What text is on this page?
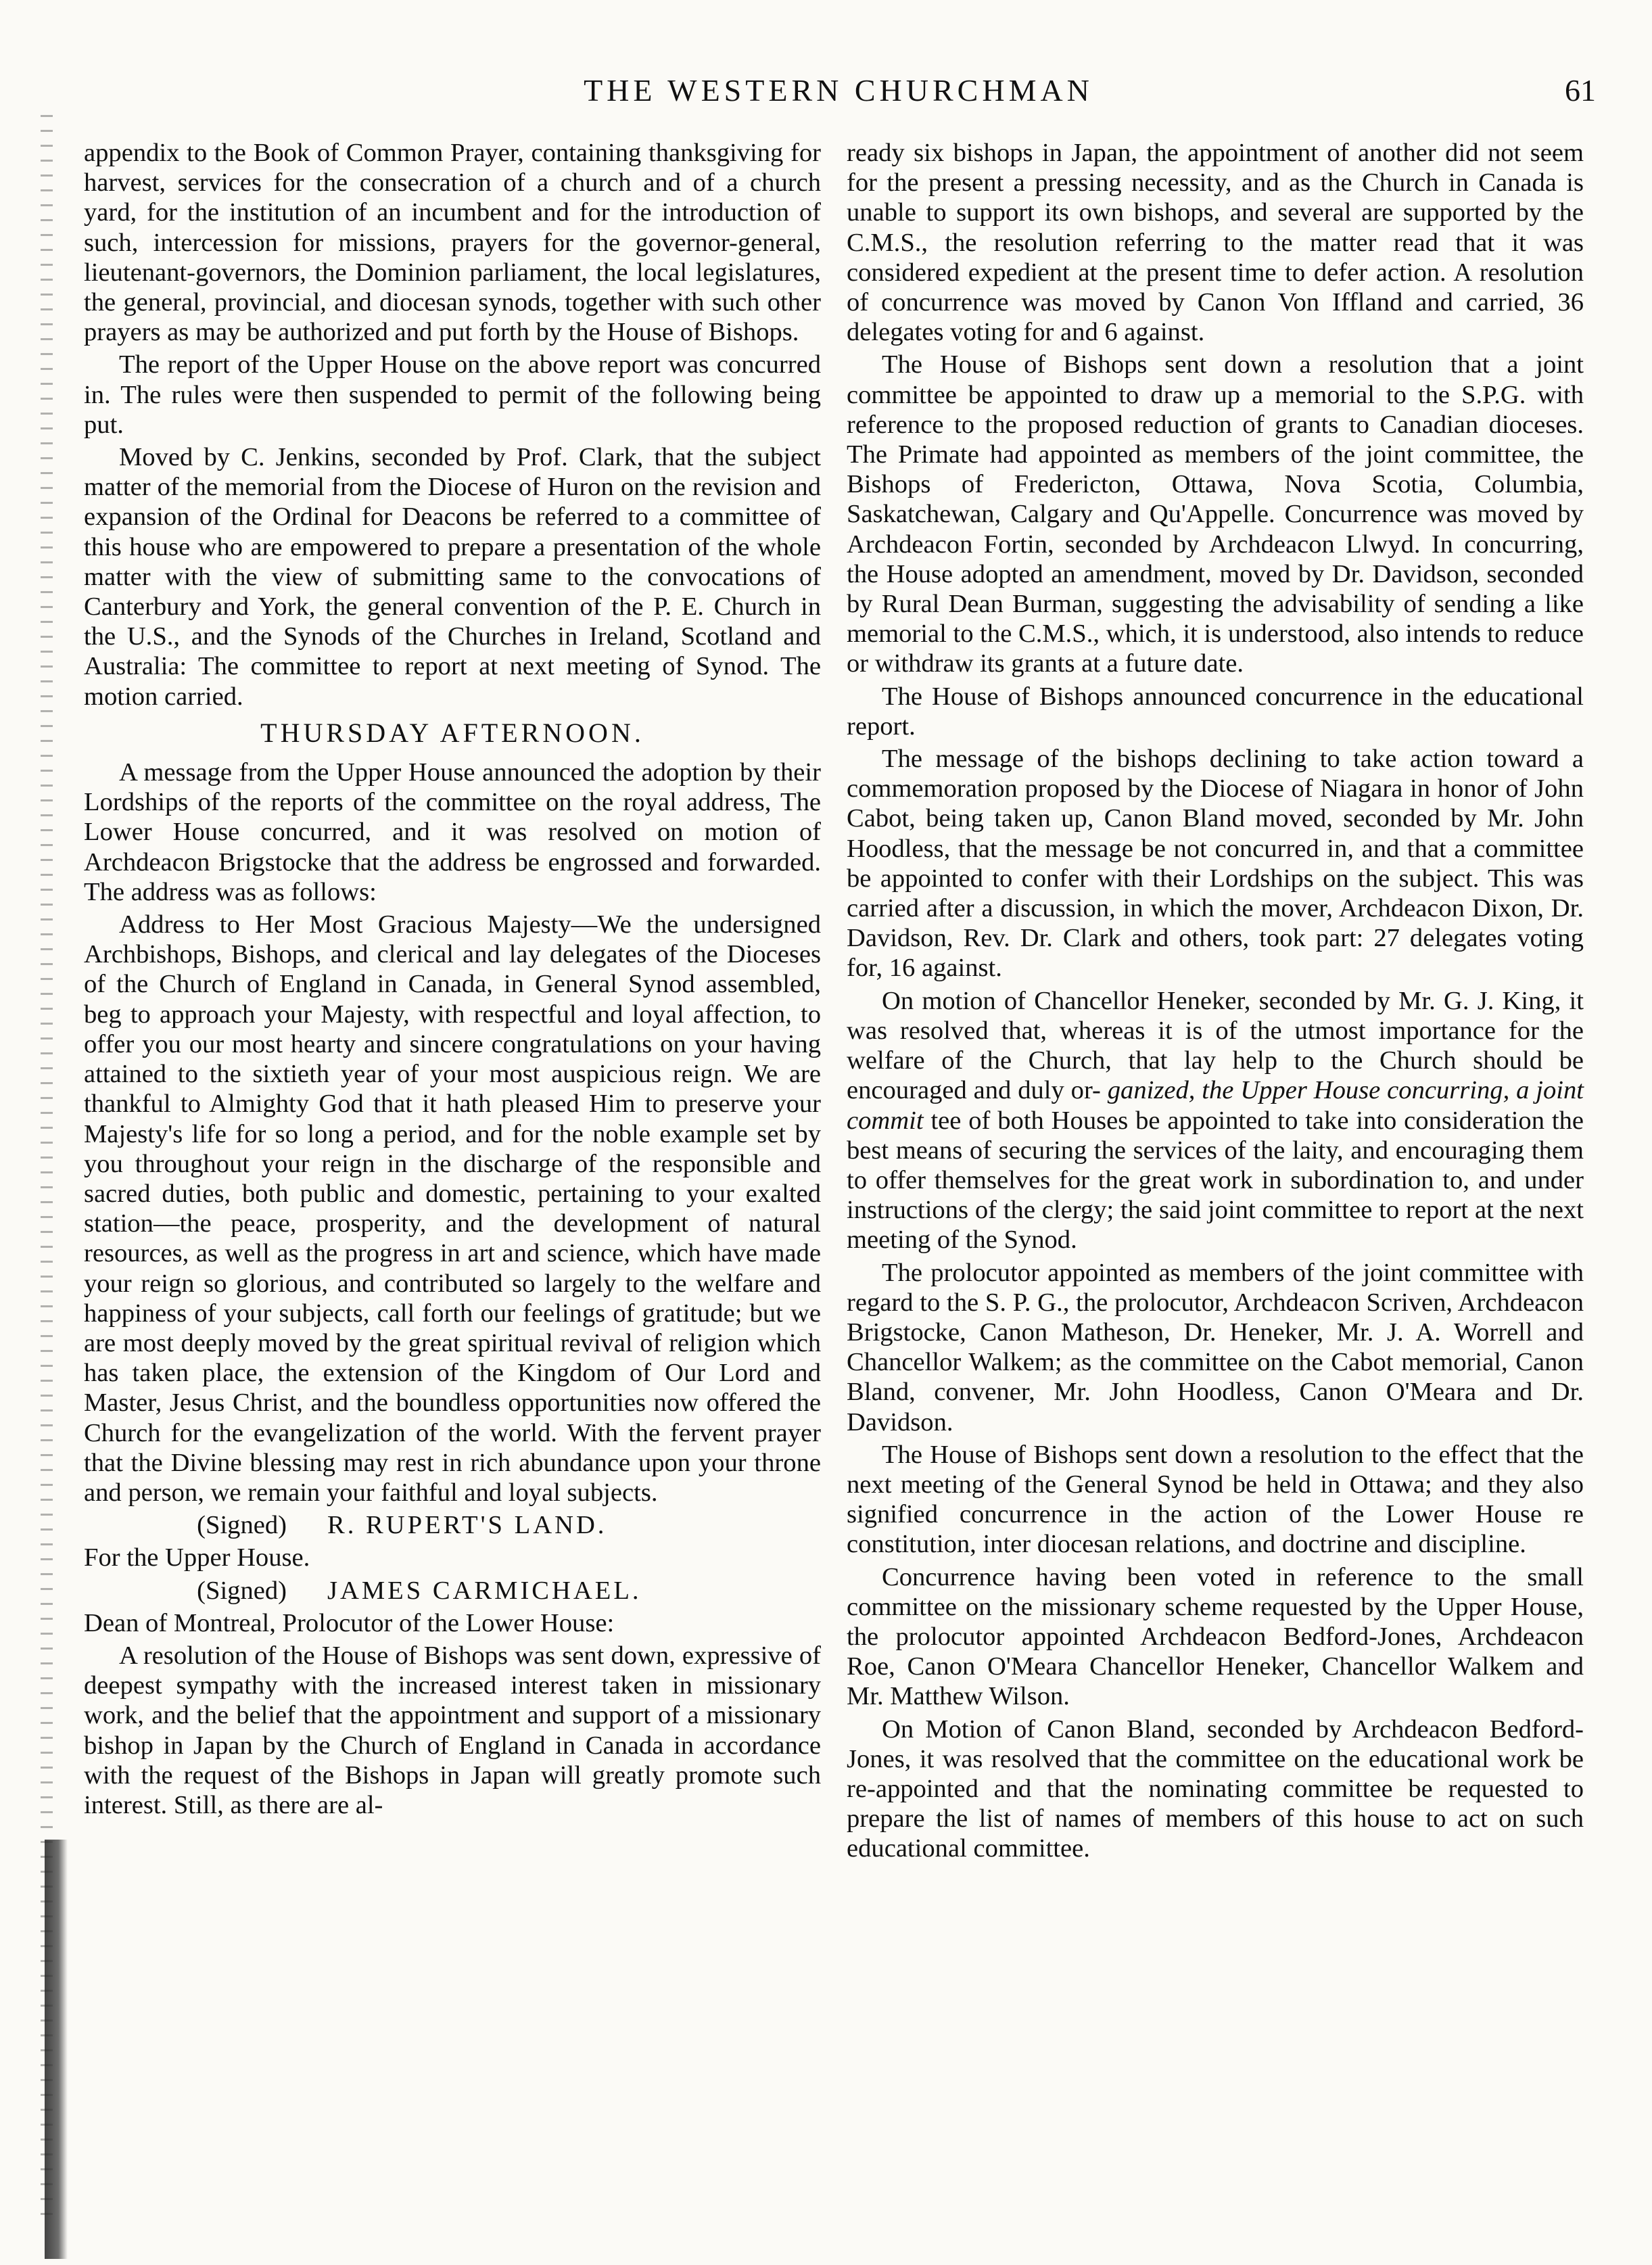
THE WESTERN CHURCHMAN	61

appendix to the Book of Common Prayer, containing thanksgiving for harvest, services for the consecration of a church and of a church yard, for the institution of an incumbent and for the introduction of such, intercession for missions, prayers for the governor-general, lieutenant-governors, the Dominion parliament, the local legislatures, the general, provincial, and diocesan synods, together with such other prayers as may be authorized and put forth by the House of Bishops.

The report of the Upper House on the above report was concurred in. The rules were then suspended to permit of the following being put.

Moved by C. Jenkins, seconded by Prof. Clark, that the subject matter of the memorial from the Diocese of Huron on the revision and expansion of the Ordinal for Deacons be referred to a committee of this house who are empowered to prepare a presentation of the whole matter with the view of submitting same to the convocations of Canterbury and York, the general convention of the P. E. Church in the U.S., and the Synods of the Churches in Ireland, Scotland and Australia: The committee to report at next meeting of Synod. The motion carried.

THURSDAY AFTERNOON.

A message from the Upper House announced the adoption by their Lordships of the reports of the committee on the royal address, The Lower House concurred, and it was resolved on motion of Archdeacon Brigstocke that the address be engrossed and forwarded. The address was as follows:

Address to Her Most Gracious Majesty—We the undersigned Archbishops, Bishops, and clerical and lay delegates of the Dioceses of the Church of England in Canada, in General Synod assembled, beg to approach your Majesty, with respectful and loyal affection, to offer you our most hearty and sincere congratulations on your having attained to the sixtieth year of your most auspicious reign. We are thankful to Almighty God that it hath pleased Him to preserve your Majesty's life for so long a period, and for the noble example set by you throughout your reign in the discharge of the responsible and sacred duties, both public and domestic, pertaining to your exalted station—the peace, prosperity, and the development of natural resources, as well as the progress in art and science, which have made your reign so glorious, and contributed so largely to the welfare and happiness of your subjects, call forth our feelings of gratitude; but we are most deeply moved by the great spiritual revival of religion which has taken place, the extension of the Kingdom of Our Lord and Master, Jesus Christ, and the boundless opportunities now offered the Church for the evangelization of the world. With the fervent prayer that the Divine blessing may rest in rich abundance upon your throne and person, we remain your faithful and loyal subjects.

(Signed) R. RUPERT'S LAND.

For the Upper House.

(Signed) JAMES CARMICHAEL.

Dean of Montreal, Prolocutor of the Lower House:

A resolution of the House of Bishops was sent down, expressive of deepest sympathy with the increased interest taken in missionary work, and the belief that the appointment and support of a missionary bishop in Japan by the Church of England in Canada in accordance with the request of the Bishops in Japan will greatly promote such interest. Still, as there are al-

ready six bishops in Japan, the appointment of another did not seem for the present a pressing necessity, and as the Church in Canada is unable to support its own bishops, and several are supported by the C.M.S., the resolution referring to the matter read that it was considered expedient at the present time to defer action. A resolution of concurrence was moved by Canon Von Iffland and carried, 36 delegates voting for and 6 against.

The House of Bishops sent down a resolution that a joint committee be appointed to draw up a memorial to the S.P.G. with reference to the proposed reduction of grants to Canadian dioceses. The Primate had appointed as members of the joint committee, the Bishops of Fredericton, Ottawa, Nova Scotia, Columbia, Saskatchewan, Calgary and Qu'Appelle. Concurrence was moved by Archdeacon Fortin, seconded by Archdeacon Llwyd. In concurring, the House adopted an amendment, moved by Dr. Davidson, seconded by Rural Dean Burman, suggesting the advisability of sending a like memorial to the C.M.S., which, it is understood, also intends to reduce or withdraw its grants at a future date.

The House of Bishops announced concurrence in the educational report.

The message of the bishops declining to take action toward a commemoration proposed by the Diocese of Niagara in honor of John Cabot, being taken up, Canon Bland moved, seconded by Mr. John Hoodless, that the message be not concurred in, and that a committee be appointed to confer with their Lordships on the subject. This was carried after a discussion, in which the mover, Archdeacon Dixon, Dr. Davidson, Rev. Dr. Clark and others, took part: 27 delegates voting for, 16 against.

On motion of Chancellor Heneker, seconded by Mr. G. J. King, it was resolved that, whereas it is of the utmost importance for the welfare of the Church, that lay help to the Church should be encouraged and duly or- ganized, the Upper House concurring, a joint commit tee of both Houses be appointed to take into consideration the best means of securing the services of the laity, and encouraging them to offer themselves for the great work in subordination to, and under instructions of the clergy; the said joint committee to report at the next meeting of the Synod.

The prolocutor appointed as members of the joint committee with regard to the S. P. G., the prolocutor, Archdeacon Scriven, Archdeacon Brigstocke, Canon Matheson, Dr. Heneker, Mr. J. A. Worrell and Chancellor Walkem; as the committee on the Cabot memorial, Canon Bland, convener, Mr. John Hoodless, Canon O'Meara and Dr. Davidson.

The House of Bishops sent down a resolution to the effect that the next meeting of the General Synod be held in Ottawa; and they also signified concurrence in the action of the Lower House re constitution, inter diocesan relations, and doctrine and discipline.

Concurrence having been voted in reference to the small committee on the missionary scheme requested by the Upper House, the prolocutor appointed Archdeacon Bedford-Jones, Archdeacon Roe, Canon O'Meara Chancellor Heneker, Chancellor Walkem and Mr. Matthew Wilson.

On Motion of Canon Bland, seconded by Archdeacon Bedford-Jones, it was resolved that the committee on the educational work be re-appointed and that the nominating committee be requested to prepare the list of names of members of this house to act on such educational committee.
